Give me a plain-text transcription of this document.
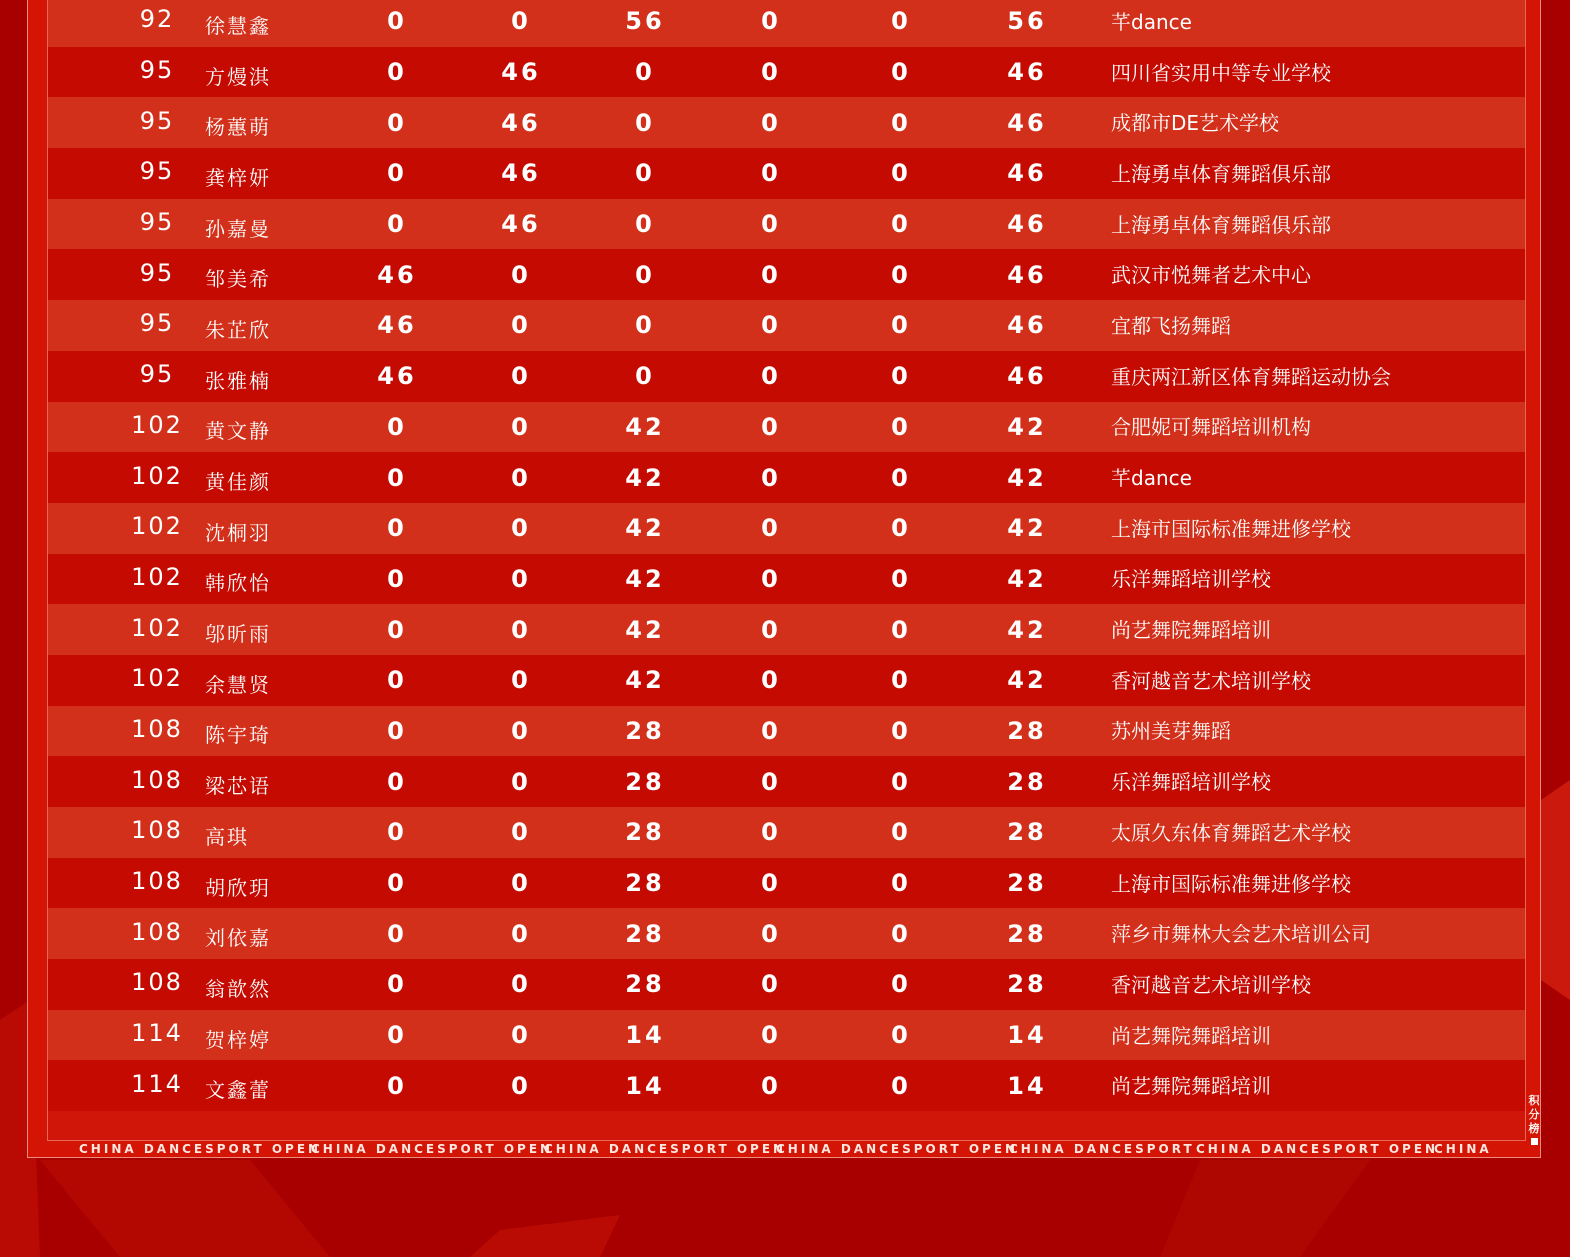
92	徐慧鑫	0	0	56	0	0	56	芊dance
95	方熳淇	0	46	0	0	0	46	四川省实用中等专业学校
95	杨蕙萌	0	46	0	0	0	46	成都市DE艺术学校
95	龚梓妍	0	46	0	0	0	46	上海勇卓体育舞蹈俱乐部
95	孙嘉曼	0	46	0	0	0	46	上海勇卓体育舞蹈俱乐部
95	邹美希	46	0	0	0	0	46	武汉市悦舞者艺术中心
95	朱芷欣	46	0	0	0	0	46	宜都飞扬舞蹈
95	张雅楠	46	0	0	0	0	46	重庆两江新区体育舞蹈运动协会
102	黄文静	0	0	42	0	0	42	合肥妮可舞蹈培训机构
102	黄佳颜	0	0	42	0	0	42	芊dance
102	沈桐羽	0	0	42	0	0	42	上海市国际标准舞进修学校
102	韩欣怡	0	0	42	0	0	42	乐洋舞蹈培训学校
102	邬昕雨	0	0	42	0	0	42	尚艺舞院舞蹈培训
102	余慧贤	0	0	42	0	0	42	香河越音艺术培训学校
108	陈宇琦	0	0	28	0	0	28	苏州美芽舞蹈
108	梁芯语	0	0	28	0	0	28	乐洋舞蹈培训学校
108	高琪	0	0	28	0	0	28	太原久东体育舞蹈艺术学校
108	胡欣玥	0	0	28	0	0	28	上海市国际标准舞进修学校
108	刘依嘉	0	0	28	0	0	28	萍乡市舞林大会艺术培训公司
108	翁歆然	0	0	28	0	0	28	香河越音艺术培训学校
114	贺梓婷	0	0	14	0	0	14	尚艺舞院舞蹈培训
114	文鑫蕾	0	0	14	0	0	14	尚艺舞院舞蹈培训
CHINA DANCESPORT OPEN
CHINA DANCESPORT OPEN
CHINA DANCESPORT OPEN
CHINA DANCESPORT OPEN
CHINA DANCESPORT CHINA DANCESPORT OPEN
CHINA
积
分
榜
